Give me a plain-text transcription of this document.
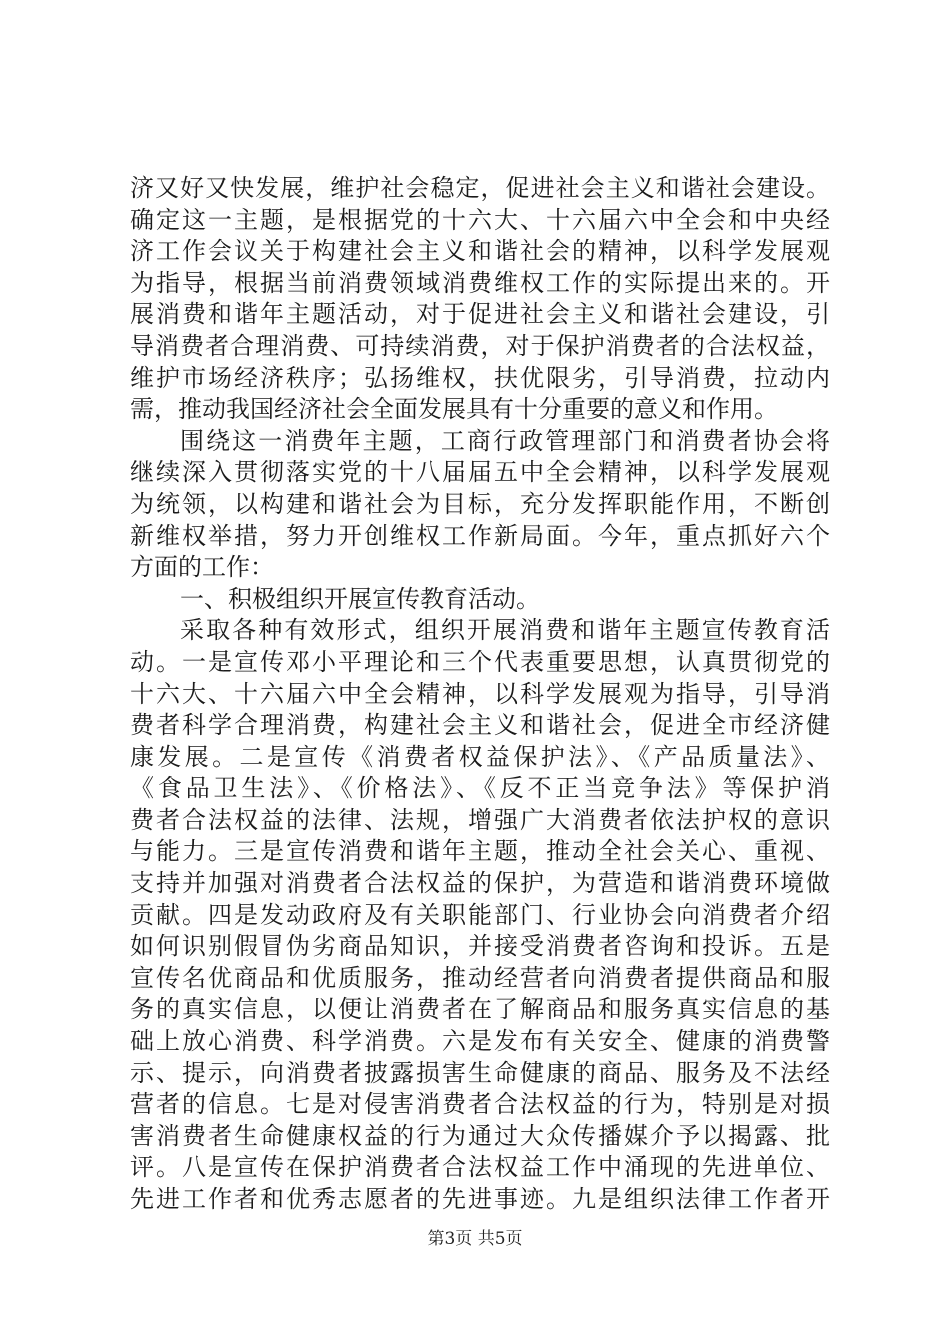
济又好又快发展，维护社会稳定，促进社会主义和谐社会建设。
确定这一主题，是根据党的十六大、十六届六中全会和中央经
济工作会议关于构建社会主义和谐社会的精神，以科学发展观
为指导，根据当前消费领域消费维权工作的实际提出来的。开
展消费和谐年主题活动，对于促进社会主义和谐社会建设，引
导消费者合理消费、可持续消费，对于保护消费者的合法权益，
维护市场经济秩序；弘扬维权，扶优限劣，引导消费，拉动内
需，推动我国经济社会全面发展具有十分重要的意义和作用。
围绕这一消费年主题，工商行政管理部门和消费者协会将
继续深入贯彻落实党的十八届届五中全会精神，以科学发展观
为统领，以构建和谐社会为目标，充分发挥职能作用，不断创
新维权举措，努力开创维权工作新局面。今年，重点抓好六个
方面的工作：
一、积极组织开展宣传教育活动。
采取各种有效形式，组织开展消费和谐年主题宣传教育活
动。一是宣传邓小平理论和三个代表重要思想，认真贯彻党的
十六大、十六届六中全会精神，以科学发展观为指导，引导消
费者科学合理消费，构建社会主义和谐社会，促进全市经济健
康发展。二是宣传《消费者权益保护法》、《产品质量法》、
《食品卫生法》、《价格法》、《反不正当竞争法》等保护消
费者合法权益的法律、法规，增强广大消费者依法护权的意识
与能力。三是宣传消费和谐年主题，推动全社会关心、重视、
支持并加强对消费者合法权益的保护，为营造和谐消费环境做
贡献。四是发动政府及有关职能部门、行业协会向消费者介绍
如何识别假冒伪劣商品知识，并接受消费者咨询和投诉。五是
宣传名优商品和优质服务，推动经营者向消费者提供商品和服
务的真实信息，以便让消费者在了解商品和服务真实信息的基
础上放心消费、科学消费。六是发布有关安全、健康的消费警
示、提示，向消费者披露损害生命健康的商品、服务及不法经
营者的信息。七是对侵害消费者合法权益的行为，特别是对损
害消费者生命健康权益的行为通过大众传播媒介予以揭露、批
评。八是宣传在保护消费者合法权益工作中涌现的先进单位、
先进工作者和优秀志愿者的先进事迹。九是组织法律工作者开
第3页 共5页
